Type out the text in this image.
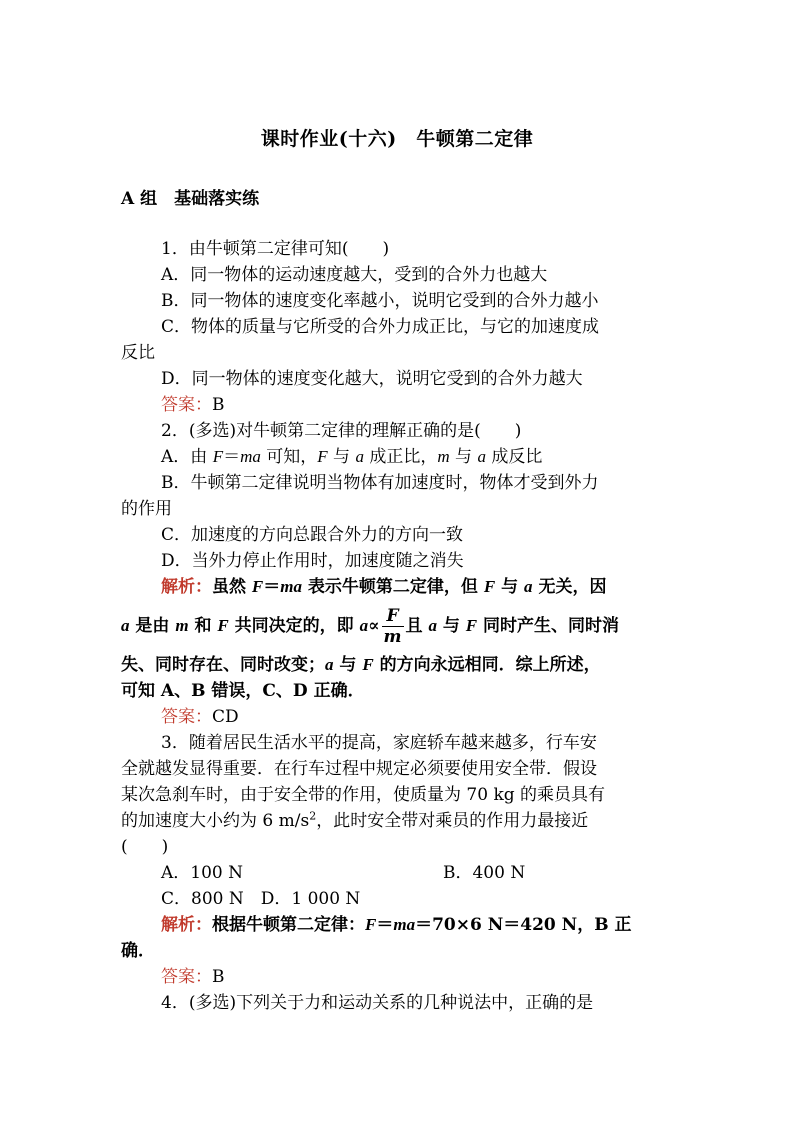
课时作业(十六)　牛顿第二定律
A 组　基础落实练
1．由牛顿第二定律可知(　　)
A．同一物体的运动速度越大，受到的合外力也越大
B．同一物体的速度变化率越小，说明它受到的合外力越小
C．物体的质量与它所受的合外力成正比，与它的加速度成
反比
D．同一物体的速度变化越大，说明它受到的合外力越大
答案：B
2．(多选)对牛顿第二定律的理解正确的是(　　)
A．由 F＝ma 可知，F 与 a 成正比，m 与 a 成反比
B．牛顿第二定律说明当物体有加速度时，物体才受到外力
的作用
C．加速度的方向总跟合外力的方向一致
D．当外力停止作用时，加速度随之消失
解析：虽然 F＝ma 表示牛顿第二定律，但 F 与 a 无关，因
a 是由 m 和 F 共同决定的，即 $a\propto \frac{F}{m}$ 且 a 与 F 同时产生、同时消
失、同时存在、同时改变；a 与 F 的方向永远相同．综上所述，
可知 A、B 错误，C、D 正确．
答案：CD
3．随着居民生活水平的提高，家庭轿车越来越多，行车安
全就越发显得重要．在行车过程中规定必须要使用安全带．假设
某次急刹车时，由于安全带的作用，使质量为 70 kg 的乘员具有
的加速度大小约为 6 $m/s^2$，此时安全带对乘员的作用力最接近
(　　)
A．100 N	B．400 N
C．800 N　D．1 000 N
解析：根据牛顿第二定律：F＝ma＝70×6 N＝420 N，B 正
确．
答案：B
4．(多选)下列关于力和运动关系的几种说法中，正确的是
